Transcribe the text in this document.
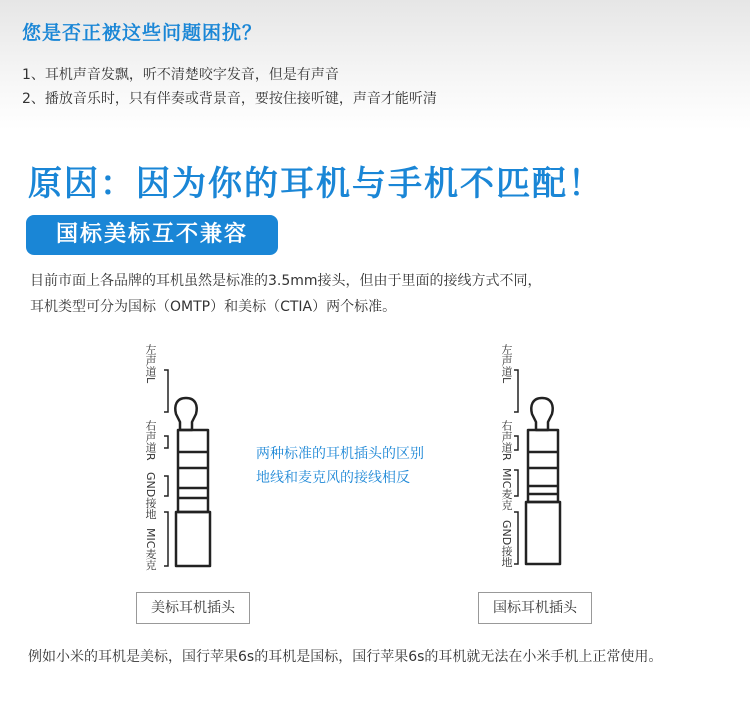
您是否正被这些问题困扰？
1、耳机声音发飘，听不清楚咬字发音，但是有声音
2、播放音乐时，只有伴奏或背景音，要按住接听键，声音才能听清
原因：因为你的耳机与手机不匹配！
国标美标互不兼容
目前市面上各品牌的耳机虽然是标准的3.5mm接头，但由于里面的接线方式不同，
耳机类型可分为国标（OMTP）和美标（CTIA）两个标准。
左声道L
右声道R
GND接地
MIC麦克
两种标准的耳机插头的区别
地线和麦克风的接线相反
左声道L
右声道R
MIC麦克
GND接地
美标耳机插头	国标耳机插头
例如小米的耳机是美标，国行苹果6s的耳机是国标，国行苹果6s的耳机就无法在小米手机上正常使用。
